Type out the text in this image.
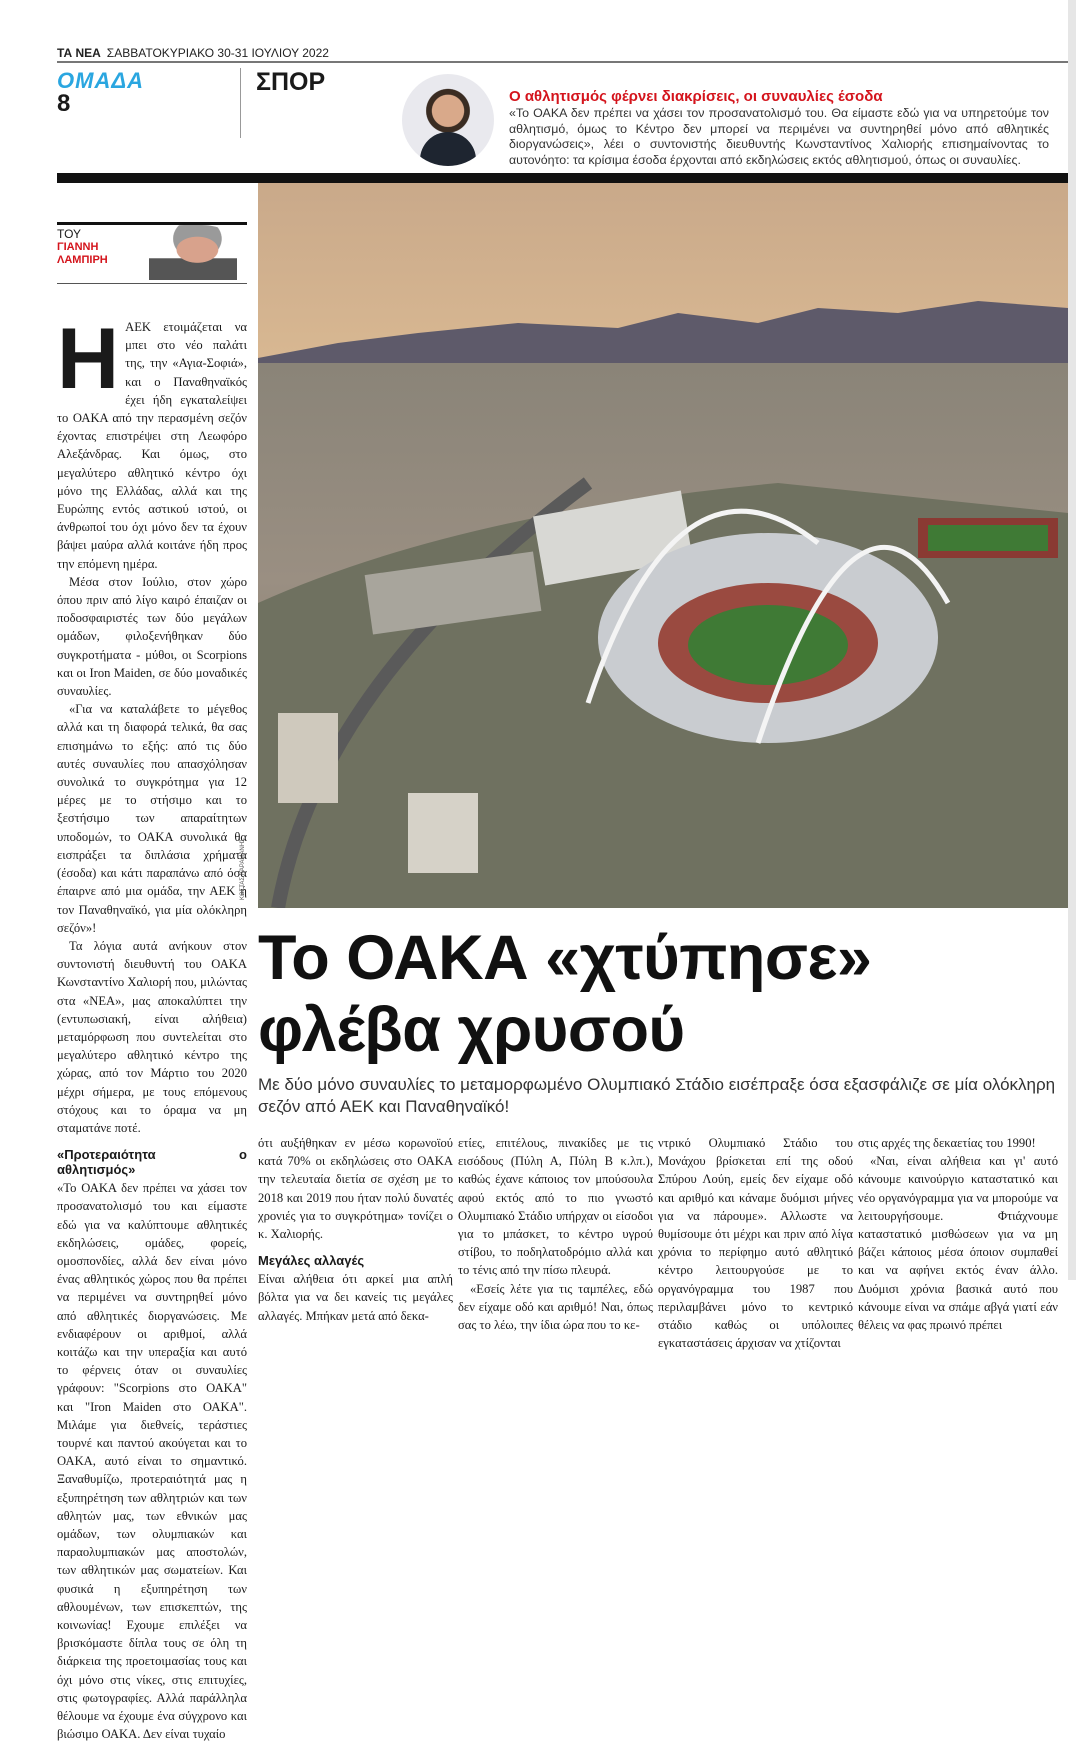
ΤΑ ΝΕΑ ΣΑΒΒΑΤΟΚΥΡΙΑΚΟ 30-31 ΙΟΥΛΙΟΥ 2022
ΟΜΑΔΑ
8
ΣΠΟΡ
Ο αθλητισμός φέρνει διακρίσεις, οι συναυλίες έσοδα
«Το ΟΑΚΑ δεν πρέπει να χάσει τον προσανατολισμό του. Θα είμαστε εδώ για να υπηρετούμε τον αθλητισμό, όμως το Κέντρο δεν μπορεί να περιμένει να συντηρηθεί μόνο από αθλητικές διοργανώσεις», λέει ο συντονιστής διευθυντής Κωνσταντίνος Χαλιορής επισημαίνοντας το αυτονόητο: τα κρίσιμα έσοδα έρχονται από εκδηλώσεις εκτός αθλητισμού, όπως οι συναυλίες.
ΤΟΥ
ΓΙΑΝΝΗ
ΛΑΜΠΙΡΗ

ΗΑΕΚ ετοιμάζεται να μπει στο νέο παλάτι της, την «Αγια-Σοφιά», και ο Παναθηναϊκός έχει ήδη εγκαταλείψει το ΟΑΚΑ από την περασμένη σεζόν έχοντας επιστρέψει στη Λεωφόρο Αλεξάνδρας. Και όμως, στο μεγαλύτερο αθλητικό κέντρο όχι μόνο της Ελλάδας, αλλά και της Ευρώπης εντός αστικού ιστού, οι άνθρωποί του όχι μόνο δεν τα έχουν βάψει μαύρα αλλά κοιτάνε ήδη προς την επόμενη ημέρα.

Μέσα στον Ιούλιο, στον χώρο όπου πριν από λίγο καιρό έπαιζαν οι ποδοσφαιριστές των δύο μεγάλων ομάδων, φιλοξενήθηκαν δύο συγκροτήματα - μύθοι, οι Scorpions και οι Iron Maiden, σε δύο μοναδικές συναυλίες.

«Για να καταλάβετε το μέγεθος αλλά και τη διαφορά τελικά, θα σας επισημάνω το εξής: από τις δύο αυτές συναυλίες που απασχόλησαν συνολικά το συγκρότημα για 12 μέρες με το στήσιμο και το ξεστήσιμο των απαραίτητων υποδομών, το ΟΑΚΑ συνολικά θα εισπράξει τα διπλάσια χρήματα (έσοδα) και κάτι παραπάνω από όσα έπαιρνε από μια ομάδα, την ΑΕΚ ή τον Παναθηναϊκό, για μία ολόκληρη σεζόν»!

Τα λόγια αυτά ανήκουν στον συντονιστή διευθυντή του ΟΑΚΑ Κωνσταντίνο Χαλιορή που, μιλώντας στα «ΝΕΑ», μας αποκαλύπτει την (εντυπωσιακή, είναι αλήθεια) μεταμόρφωση που συντελείται στο μεγαλύτερο αθλητικό κέντρο της χώρας, από τον Μάρτιο του 2020 μέχρι σήμερα, με τους επόμενους στόχους και το όραμα να μη σταματάνε ποτέ.

«Προτεραιότητα ο αθλητισμός»

«Το ΟΑΚΑ δεν πρέπει να χάσει τον προσανατολισμό του και είμαστε εδώ για να καλύπτουμε αθλητικές εκδηλώσεις, ομάδες, φορείς, ομοσπονδίες, αλλά δεν είναι μόνο ένας αθλητικός χώρος που θα πρέπει να περιμένει να συντηρηθεί μόνο από αθλητικές διοργανώσεις. Με ενδιαφέρουν οι αριθμοί, αλλά κοιτάζω και την υπεραξία και αυτό το φέρνεις όταν οι συναυλίες γράφουν: "Scorpions στο ΟΑΚΑ" και "Iron Maiden στο ΟΑΚΑ". Μιλάμε για διεθνείς, τεράστιες τουρνέ και παντού ακούγεται και το ΟΑΚΑ, αυτό είναι το σημαντικό. Ξαναθυμίζω, προτεραιότητά μας η εξυπηρέτηση των αθλητριών και των αθλητών μας, των εθνικών μας ομάδων, των ολυμπιακών και παραολυμπιακών μας αποστολών, των αθλητικών μας σωματείων. Και φυσικά η εξυπηρέτηση των αθλουμένων, των επισκεπτών, της κοινωνίας! Εχουμε επιλέξει να βρισκόμαστε δίπλα τους σε όλη τη διάρκεια της προετοιμασίας τους και όχι μόνο στις νίκες, στις επιτυχίες, στις φωτογραφίες. Αλλά παράλληλα θέλουμε να έχουμε ένα σύγχρονο και βιώσιμο ΟΑΚΑ. Δεν είναι τυχαίο

ΚΩΣΤΑΣ ΚΑΡΑΜΑΝΗΣ
Το ΟΑΚΑ «χτύπησε»
φλέβα χρυσού
Με δύο μόνο συναυλίες το μεταμορφωμένο Ολυμπιακό Στάδιο εισέπραξε όσα εξασφάλιζε σε μία ολόκληρη σεζόν από ΑΕΚ και Παναθηναϊκό!

ότι αυξήθηκαν εν μέσω κορωνοϊού κατά 70% οι εκδηλώσεις στο ΟΑΚΑ την τελευταία διετία σε σχέση με το 2018 και 2019 που ήταν πολύ δυνατές χρονιές για το συγκρότημα» τονίζει ο κ. Χαλιορής.

Μεγάλες αλλαγές

Είναι αλήθεια ότι αρκεί μια απλή βόλτα για να δει κανείς τις μεγάλες αλλαγές. Μπήκαν μετά από δεκα-

ετίες, επιτέλους, πινακίδες με τις εισόδους (Πύλη Α, Πύλη Β κ.λπ.), καθώς έχανε κάποιος τον μπούσουλα αφού εκτός από το πιο γνωστό Ολυμπιακό Στάδιο υπήρχαν οι είσοδοι για το μπάσκετ, το κέντρο υγρού στίβου, το ποδηλατοδρόμιο αλλά και το τένις από την πίσω πλευρά.

«Εσείς λέτε για τις ταμπέλες, εδώ δεν είχαμε οδό και αριθμό! Ναι, όπως σας το λέω, την ίδια ώρα που το κε-

ντρικό Ολυμπιακό Στάδιο του Μονάχου βρίσκεται επί της οδού Σπύρου Λούη, εμείς δεν είχαμε οδό και αριθμό και κάναμε δυόμισι μήνες για να πάρουμε». Αλλωστε να θυμίσουμε ότι μέχρι και πριν από λίγα χρόνια το περίφημο αυτό αθλητικό κέντρο λειτουργούσε με το οργανόγραμμα του 1987 που περιλαμβάνει μόνο το κεντρικό στάδιο καθώς οι υπόλοιπες εγκαταστάσεις άρχισαν να χτίζονται

στις αρχές της δεκαετίας του 1990!

«Ναι, είναι αλήθεια και γι' αυτό κάνουμε καινούργιο καταστατικό και νέο οργανόγραμμα για να μπορούμε να λειτουργήσουμε. Φτιάχνουμε καταστατικό μισθώσεων για να μη βάζει κάποιος μέσα όποιον συμπαθεί και να αφήνει εκτός έναν άλλο. Δυόμισι χρόνια βασικά αυτό που κάνουμε είναι να σπάμε αβγά γιατί εάν θέλεις να φας πρωινό πρέπει
